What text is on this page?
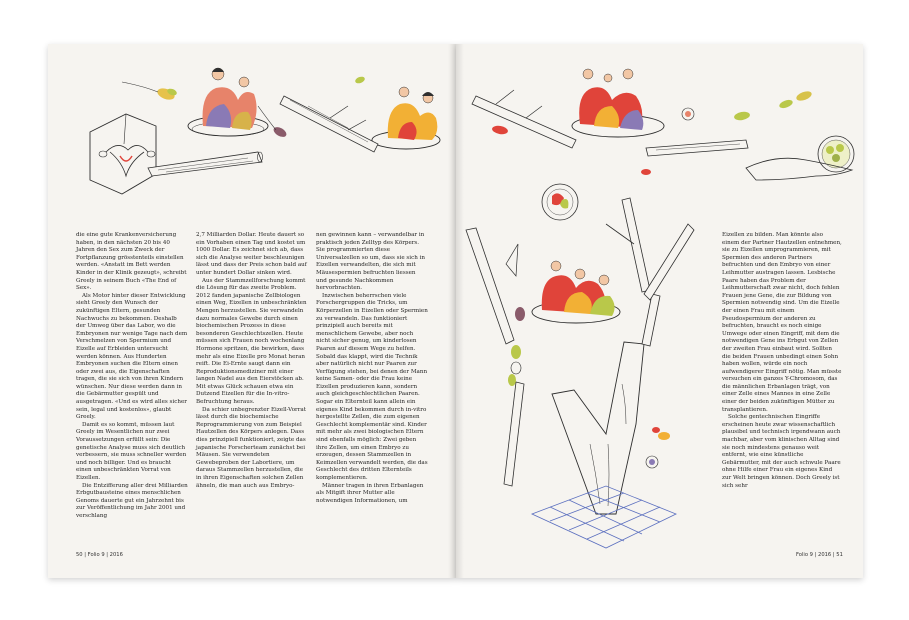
die eine gute Krankenversicherung haben, in den nächsten 20 bis 40 Jahren den Sex zum Zweck der Fortpflanzung grösstenteils einstellen werden. «Anstatt im Bett werden Kinder in der Klinik gezeugt», schreibt Greely in seinem Buch «The End of Sex».

Als Motor hinter dieser Entwicklung sieht Greely den Wunsch der zukünftigen Eltern, gesunden Nachwuchs zu bekommen. Deshalb der Umweg über das Labor, wo die Embryonen nur wenige Tage nach dem Verschmelzen von Spermium und Eizelle auf Erbleiden untersucht werden können. Aus Hunderten Embryonen suchen die Eltern einen oder zwei aus, die Eigenschaften tragen, die sie sich von ihren Kindern wünschen. Nur diese werden dann in die Gebärmutter gespült und ausgetragen. «Und es wird alles sicher sein, legal und kostenlos», glaubt Greely.

Damit es so kommt, müssen laut Greely im Wesentlichen nur zwei Voraussetzungen erfüllt sein: Die genetische Analyse muss sich deutlich verbessern, sie muss schneller werden und noch billiger. Und es braucht einen unbeschränkten Vorrat von Eizellen.

Die Entzifferung aller drei Milliarden Erbgutbausteine eines menschlichen Genoms dauerte gut ein Jahrzehnt bis zur Veröffentlichung im Jahr 2001 und verschlang

2,7 Milliarden Dollar. Heute dauert so ein Vorhaben einen Tag und kostet um 1000 Dollar. Es zeichnet sich ab, dass sich die Analyse weiter beschleunigen lässt und dass der Preis schon bald auf unter hundert Dollar sinken wird.

Aus der Stammzellforschung kommt die Lösung für das zweite Problem. 2012 fanden japanische Zellbiologen einen Weg, Eizellen in unbeschränkten Mengen herzustellen. Sie verwandeln dazu normales Gewebe durch einen biochemischen Prozess in diese besonderen Geschlechtszellen. Heute müssen sich Frauen noch wochenlang Hormone spritzen, die bewirken, dass mehr als eine Eizelle pro Monat heran reift. Die Ei-Ernte saugt dann ein Reproduktionsmediziner mit einer langen Nadel aus den Eierstöcken ab. Mit etwas Glück schauen etwa ein Dutzend Eizellen für die In-vitro-Befruchtung heraus.

Da schier unbegrenzter Eizell-Vorrat lässt durch die biochemische Reprogrammierung von zum Beispiel Hautzellen des Körpers anlegen. Dass dies prinzipiell funktioniert, zeigte das japanische Forscherteam zunächst bei Mäusen. Sie verwendeten Gewebeproben der Labortiere, um daraus Stammzellen herzustellen, die in ihren Eigenschaften solchen Zellen ähneln, die man auch aus Embryo-

nen gewinnen kann – verwandelbar in praktisch jeden Zelltyp des Körpers. Sie programmierten diese Universalzellen so um, dass sie sich in Eizellen verwandelten, die sich mit Mäusespermien befruchten liessen und gesunde Nachkommen hervorbrachten.

Inzwischen beherrschen viele Forschergruppen die Tricks, um Körperzellen in Eizellen oder Spermien zu verwandeln. Das funktioniert prinzipiell auch bereits mit menschlichem Gewebe, aber noch nicht sicher genug, um kinderlosen Paaren auf diesem Wege zu helfen. Sobald das klappt, wird die Technik aber natürlich nicht nur Paaren zur Verfügung stehen, bei denen der Mann keine Samen- oder die Frau keine Eizellen produzieren kann, sondern auch gleichgeschlechtlichen Paaren. Sogar ein Elternteil kann allein ein eigenes Kind bekommen durch in-vitro hergestellte Zellen, die zum eigenen Geschlecht komplementär sind. Kinder mit mehr als zwei biologischen Eltern sind ebenfalls möglich: Zwei geben ihre Zellen, um einen Embryo zu erzeugen, dessen Stammzellen in Keimzellen verwandelt werden, die das Geschlecht des dritten Elternteils komplementieren.

Männer tragen in ihren Erbanlagen als Mitgift ihrer Mutter alle notwendigen Informationen, um

50 | Folio 9 | 2016

Eizellen zu bilden. Man könnte also einem der Partner Hautzellen entnehmen, sie zu Eizellen umprogrammieren, mit Spermien des anderen Partners befruchten und den Embryo von einer Leihmutter austragen lassen. Lesbische Paare haben das Problem der Leihmutterschaft zwar nicht, doch fehlen Frauen jene Gene, die zur Bildung von Spermien notwendig sind. Um die Eizelle der einen Frau mit einem Pseudospermium der anderen zu befruchten, braucht es noch einige Umwege oder einen Eingriff, mit dem die notwendigen Gene ins Erbgut von Zellen der zweiten Frau einbaut wird. Sollten die beiden Frauen unbedingt einen Sohn haben wollen, würde ein noch aufwendigerer Eingriff nötig. Man müsste versuchen ein ganzes Y-Chromosom, das die männlichen Erbanlagen trägt, von einer Zelle eines Mannes in eine Zelle einer der beiden zukünftigen Mütter zu transplantieren.

Solche gentechnischen Eingriffe erscheinen heute zwar wissenschaftlich plausibel und technisch irgendwann auch machbar, aber vom klinischen Alltag sind sie noch mindestens genauso weit entfernt, wie eine künstliche Gebärmutter, mit der auch schwule Paare ohne Hilfe einer Frau ein eigenes Kind zur Welt bringen können. Doch Greely ist sich sehr

Folio 9 | 2016 | 51
